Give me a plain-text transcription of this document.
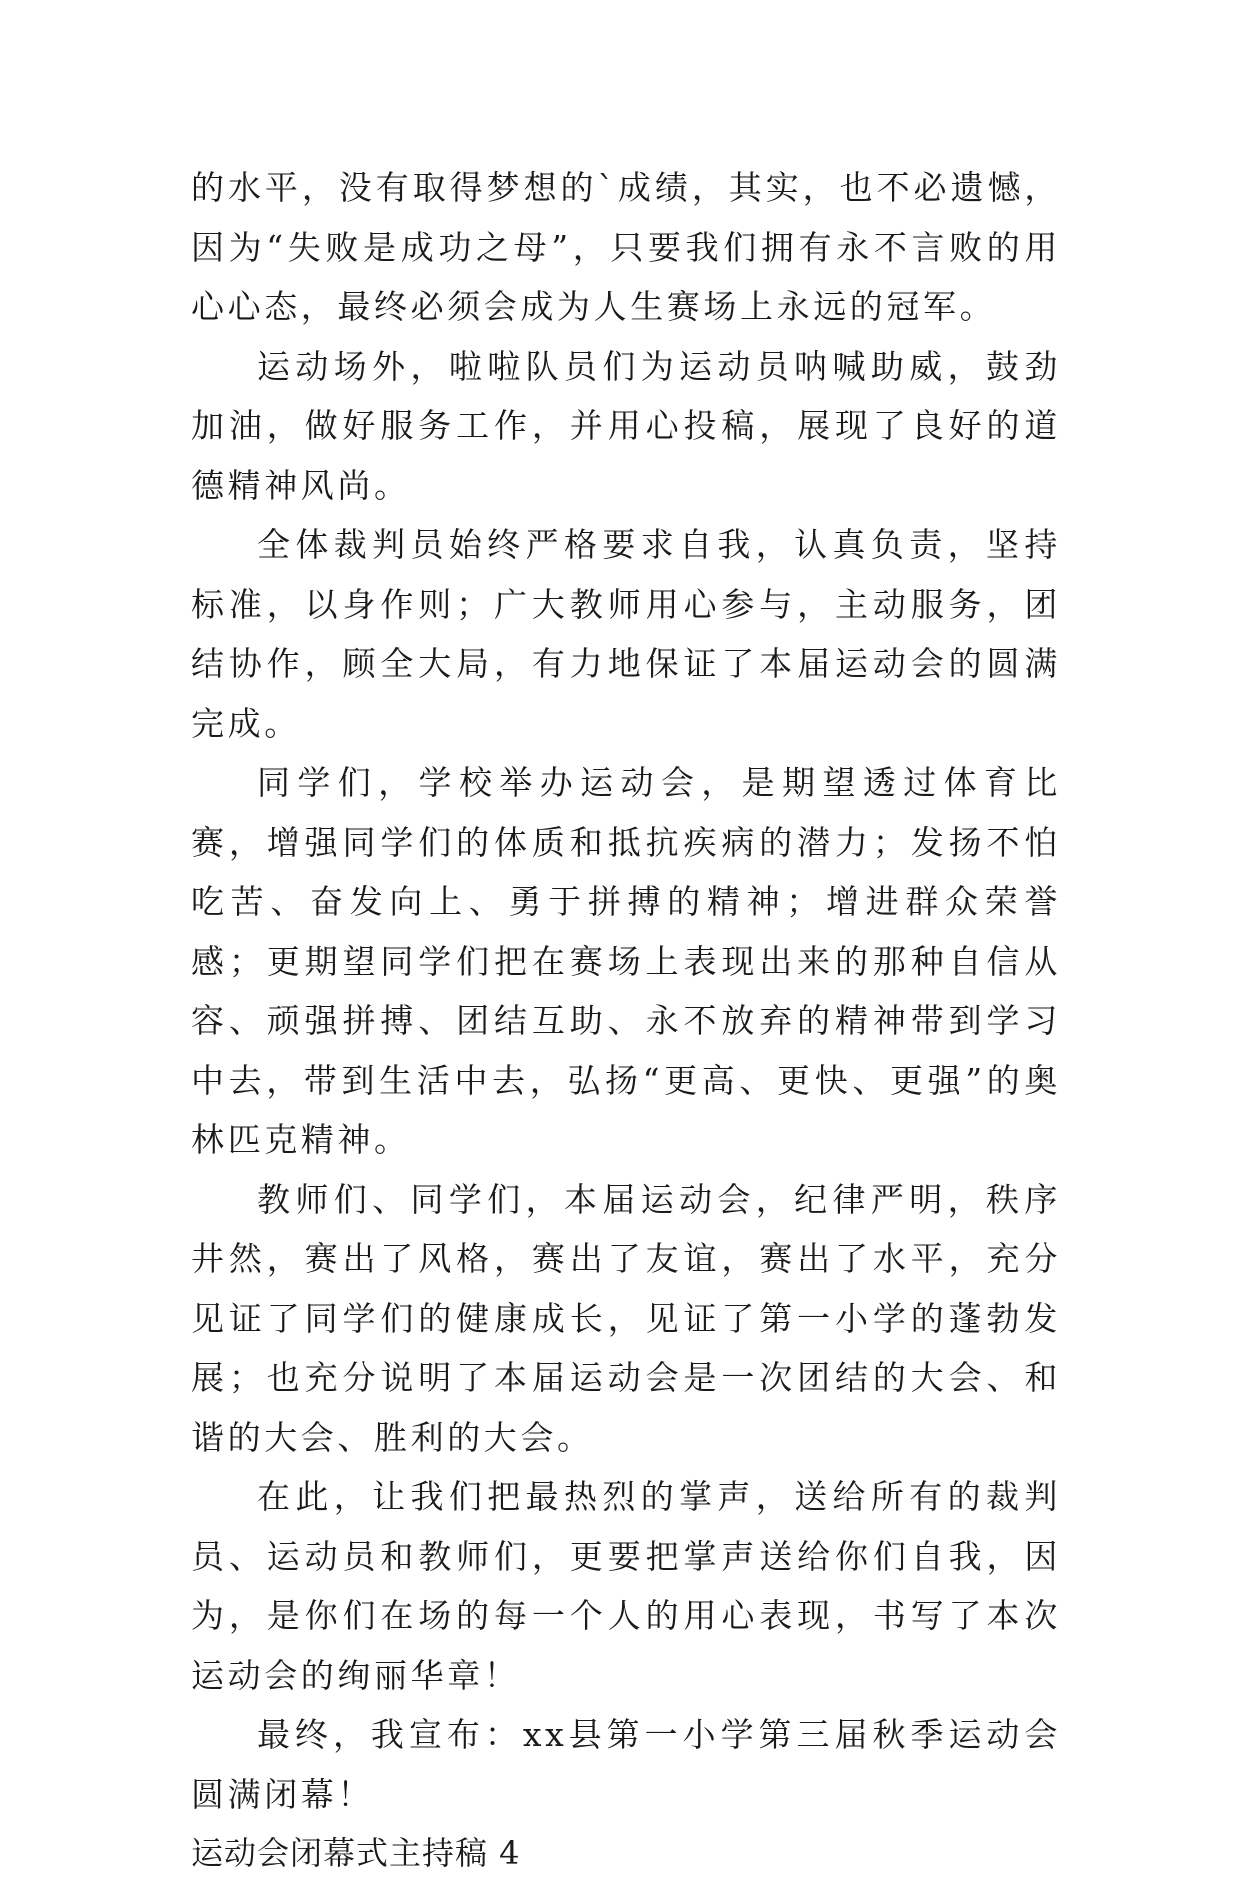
的水平，没有取得梦想的`成绩，其实，也不必遗憾，因为“失败是成功之母”，只要我们拥有永不言败的用心心态，最终必须会成为人生赛场上永远的冠军。

运动场外，啦啦队员们为运动员呐喊助威，鼓劲加油，做好服务工作，并用心投稿，展现了良好的道德精神风尚。

全体裁判员始终严格要求自我，认真负责，坚持标准，以身作则；广大教师用心参与，主动服务，团结协作，顾全大局，有力地保证了本届运动会的圆满完成。

同学们，学校举办运动会，是期望透过体育比赛，增强同学们的体质和抵抗疾病的潜力；发扬不怕吃苦、奋发向上、勇于拼搏的精神；增进群众荣誉感；更期望同学们把在赛场上表现出来的那种自信从容、顽强拼搏、团结互助、永不放弃的精神带到学习中去，带到生活中去，弘扬“更高、更快、更强”的奥林匹克精神。

教师们、同学们，本届运动会，纪律严明，秩序井然，赛出了风格，赛出了友谊，赛出了水平，充分见证了同学们的健康成长，见证了第一小学的蓬勃发展；也充分说明了本届运动会是一次团结的大会、和谐的大会、胜利的大会。

在此，让我们把最热烈的掌声，送给所有的裁判员、运动员和教师们，更要把掌声送给你们自我，因为，是你们在场的每一个人的用心表现，书写了本次运动会的绚丽华章！

最终，我宣布：xx县第一小学第三届秋季运动会圆满闭幕！

运动会闭幕式主持稿 4
